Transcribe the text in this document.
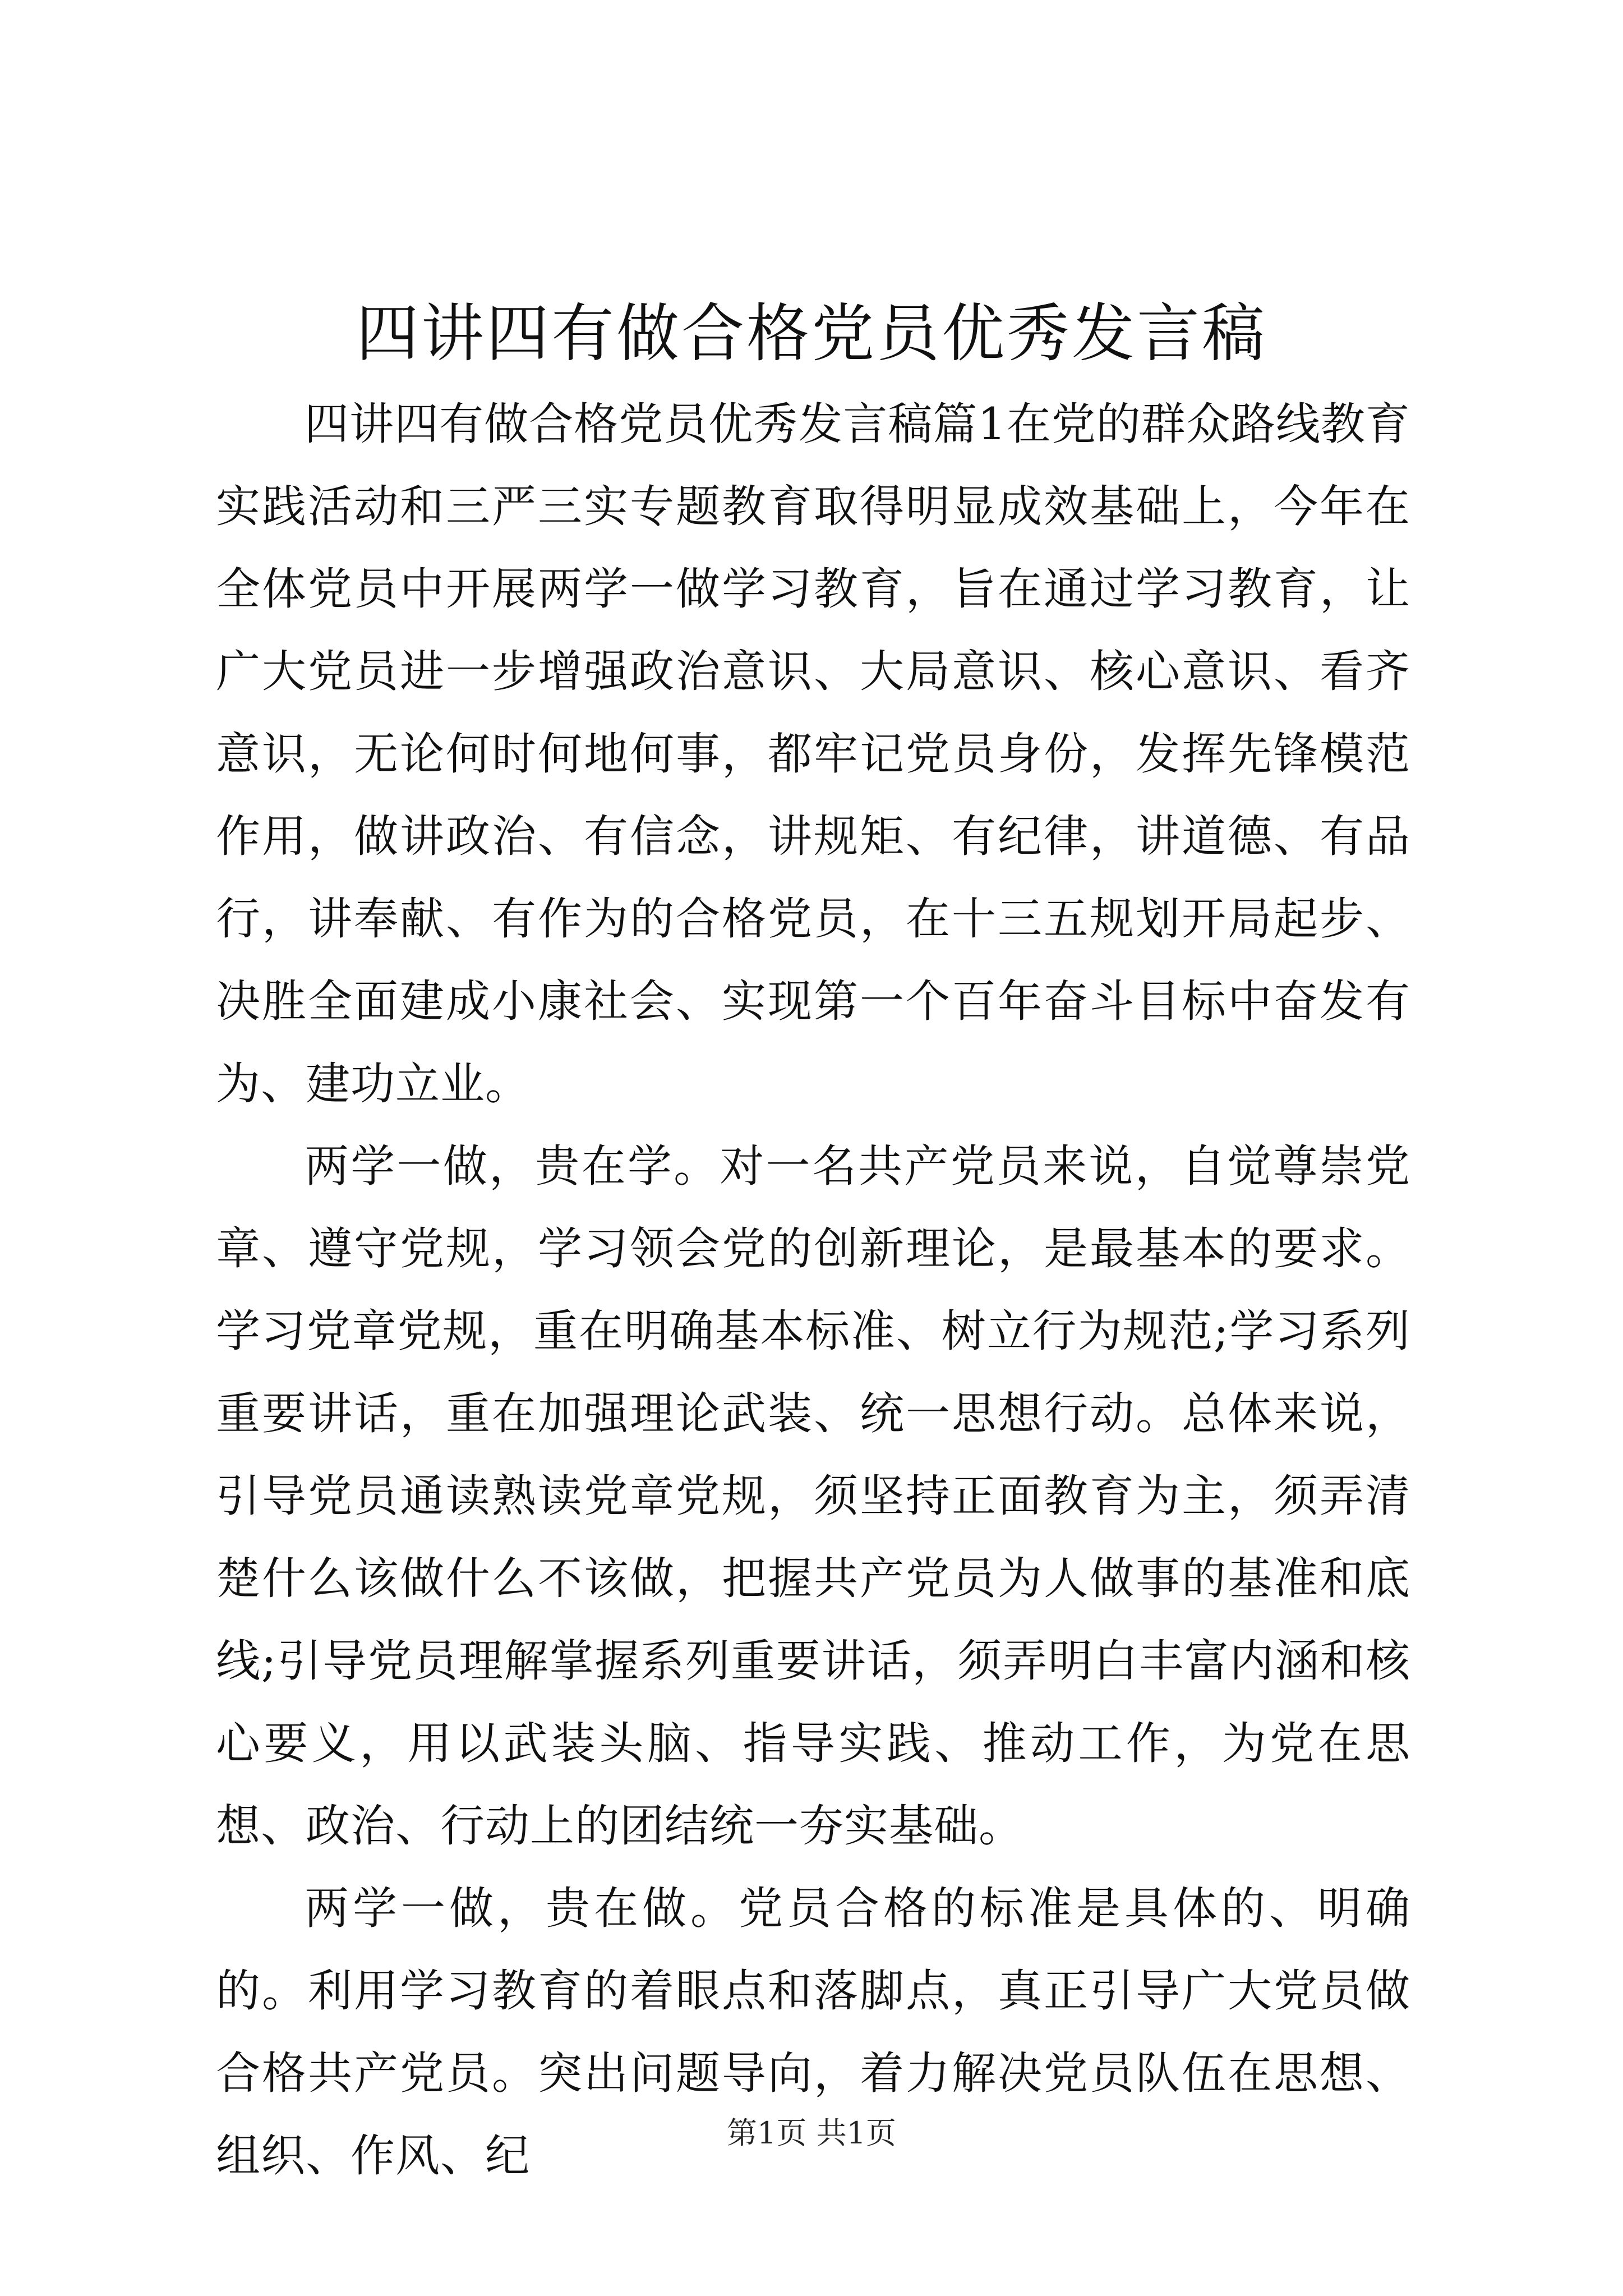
四讲四有做合格党员优秀发言稿

四讲四有做合格党员优秀发言稿篇1在党的群众路线教育实践活动和三严三实专题教育取得明显成效基础上，今年在全体党员中开展两学一做学习教育，旨在通过学习教育，让广大党员进一步增强政治意识、大局意识、核心意识、看齐意识，无论何时何地何事，都牢记党员身份，发挥先锋模范作用，做讲政治、有信念，讲规矩、有纪律，讲道德、有品行，讲奉献、有作为的合格党员，在十三五规划开局起步、决胜全面建成小康社会、实现第一个百年奋斗目标中奋发有为、建功立业。

两学一做，贵在学。对一名共产党员来说，自觉尊崇党章、遵守党规，学习领会党的创新理论，是最基本的要求。学习党章党规，重在明确基本标准、树立行为规范;学习系列重要讲话，重在加强理论武装、统一思想行动。总体来说，引导党员通读熟读党章党规，须坚持正面教育为主，须弄清楚什么该做什么不该做，把握共产党员为人做事的基准和底线;引导党员理解掌握系列重要讲话，须弄明白丰富内涵和核心要义，用以武装头脑、指导实践、推动工作，为党在思想、政治、行动上的团结统一夯实基础。

两学一做，贵在做。党员合格的标准是具体的、明确的。利用学习教育的着眼点和落脚点，真正引导广大党员做合格共产党员。突出问题导向，着力解决党员队伍在思想、组织、作风、纪	第1页 共1页
